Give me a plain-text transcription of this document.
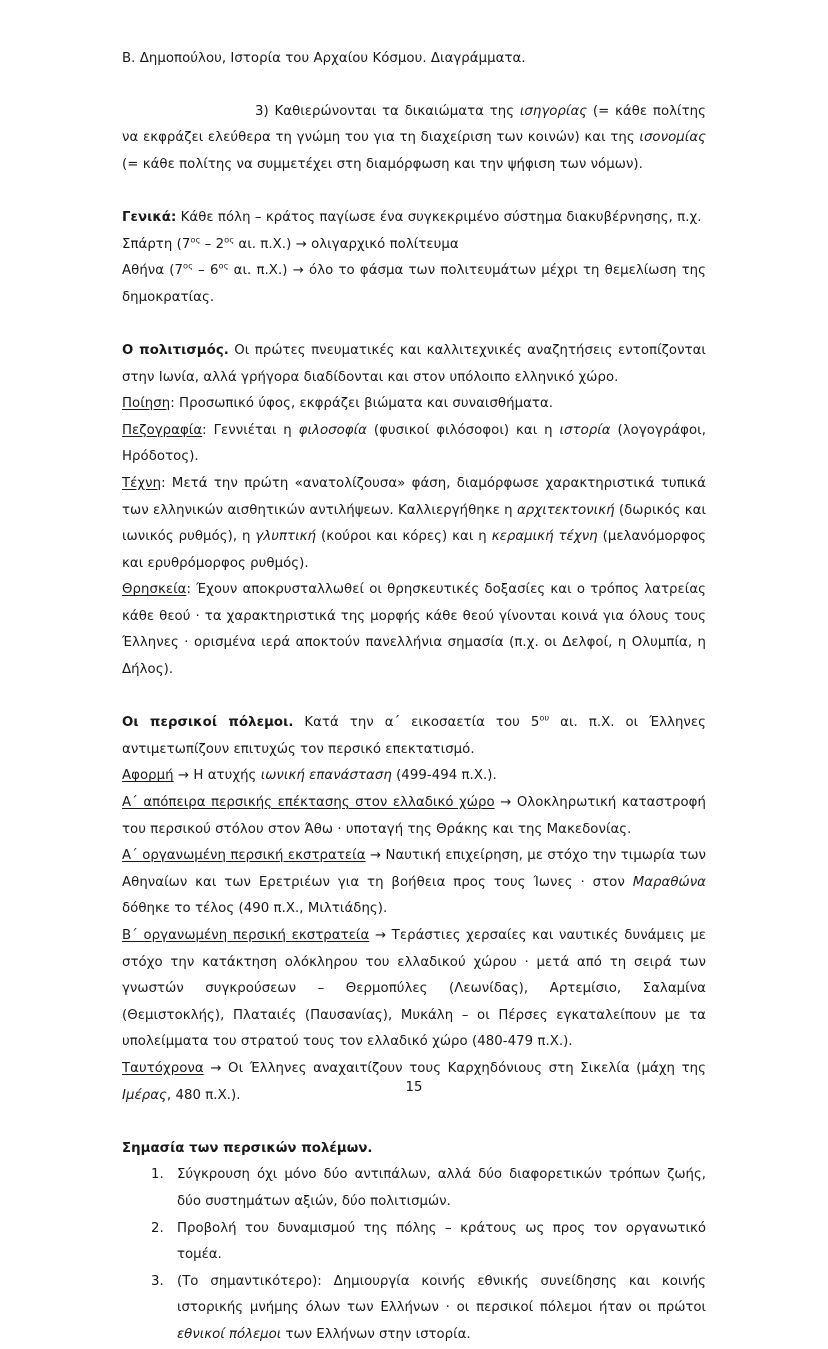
Β. Δημοπούλου, Ιστορία του Αρχαίου Κόσμου. Διαγράμματα.

3) Καθιερώνονται τα δικαιώματα της ισηγορίας (= κάθε πολίτης να εκφράζει ελεύθερα τη γνώμη του για τη διαχείριση των κοινών) και της ισονομίας (= κάθε πολίτης να συμμετέχει στη διαμόρφωση και την ψήφιση των νόμων).

Γενικά: Κάθε πόλη – κράτος παγίωσε ένα συγκεκριμένο σύστημα διακυβέρνησης, π.χ.

Σπάρτη ($7^{o\varsigma} - 2^{o\varsigma}$ αι. π.Χ.) → ολιγαρχικό πολίτευμα

Αθήνα ($7^{o\varsigma} - 6^{o\varsigma}$ αι. π.Χ.) → όλο το φάσμα των πολιτευμάτων μέχρι τη θεμελίωση της δημοκρατίας.

Ο πολιτισμός. Οι πρώτες πνευματικές και καλλιτεχνικές αναζητήσεις εντοπίζονται στην Ιωνία, αλλά γρήγορα διαδίδονται και στον υπόλοιπο ελληνικό χώρο.

Ποίηση: Προσωπικό ύφος, εκφράζει βιώματα και συναισθήματα.

Πεζογραφία: Γεννιέται η φιλοσοφία (φυσικοί φιλόσοφοι) και η ιστορία (λογογράφοι, Ηρόδοτος).

Τέχνη: Μετά την πρώτη «ανατολίζουσα» φάση, διαμόρφωσε χαρακτηριστικά τυπικά των ελληνικών αισθητικών αντιλήψεων. Καλλιεργήθηκε η αρχιτεκτονική (δωρικός και ιωνικός ρυθμός), η γλυπτική (κούροι και κόρες) και η κεραμική τέχνη (μελανόμορφος και ερυθρόμορφος ρυθμός).

Θρησκεία: Έχουν αποκρυσταλλωθεί οι θρησκευτικές δοξασίες και ο τρόπος λατρείας κάθε θεού · τα χαρακτηριστικά της μορφής κάθε θεού γίνονται κοινά για όλους τους Έλληνες · ορισμένα ιερά αποκτούν πανελλήνια σημασία (π.χ. οι Δελφοί, η Ολυμπία, η Δήλος).

Οι περσικοί πόλεμοι. Κατά την α΄ εικοσαετία του $5^{o\upsilon}$ αι. π.Χ. οι Έλληνες αντιμετωπίζουν επιτυχώς τον περσικό επεκτατισμό.

Αφορμή → Η ατυχής ιωνική επανάσταση (499-494 π.Χ.).

Α΄ απόπειρα περσικής επέκτασης στον ελλαδικό χώρο → Ολοκληρωτική καταστροφή του περσικού στόλου στον Άθω · υποταγή της Θράκης και της Μακεδονίας.

Α΄ οργανωμένη περσική εκστρατεία → Ναυτική επιχείρηση, με στόχο την τιμωρία των Αθηναίων και των Ερετριέων για τη βοήθεια προς τους Ίωνες · στον Μαραθώνα δόθηκε το τέλος (490 π.Χ., Μιλτιάδης).

Β΄ οργανωμένη περσική εκστρατεία → Τεράστιες χερσαίες και ναυτικές δυνάμεις με στόχο την κατάκτηση ολόκληρου του ελλαδικού χώρου · μετά από τη σειρά των γνωστών συγκρούσεων – Θερμοπύλες (Λεωνίδας), Αρτεμίσιο, Σαλαμίνα (Θεμιστοκλής), Πλαταιές (Παυσανίας), Μυκάλη – οι Πέρσες εγκαταλείπουν με τα υπολείμματα του στρατού τους τον ελλαδικό χώρο (480-479 π.Χ.).

Ταυτόχρονα → Οι Έλληνες αναχαιτίζουν τους Καρχηδόνιους στη Σικελία (μάχη της Ιμέρας, 480 π.Χ.).

Σημασία των περσικών πολέμων.

Σύγκρουση όχι μόνο δύο αντιπάλων, αλλά δύο διαφορετικών τρόπων ζωής, δύο συστημάτων αξιών, δύο πολιτισμών.
Προβολή του δυναμισμού της πόλης – κράτους ως προς τον οργανωτικό τομέα.
(Το σημαντικότερο): Δημιουργία κοινής εθνικής συνείδησης και κοινής ιστορικής μνήμης όλων των Ελλήνων · οι περσικοί πόλεμοι ήταν οι πρώτοι εθνικοί πόλεμοι των Ελλήνων στην ιστορία.
15
